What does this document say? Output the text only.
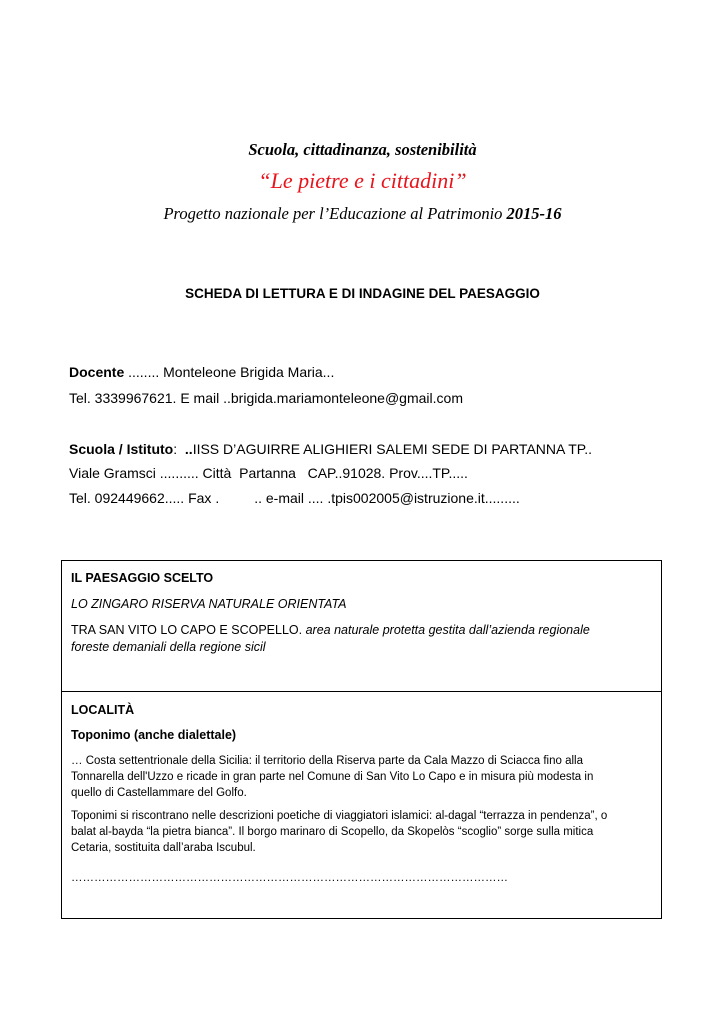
Scuola, cittadinanza, sostenibilità
“Le pietre e i cittadini”
Progetto nazionale per l’Educazione al Patrimonio 2015-16
SCHEDA DI LETTURA E DI INDAGINE DEL PAESAGGIO
Docente ........ Monteleone Brigida Maria...
Tel. 3339967621. E mail ..brigida.mariamonteleone@gmail.com
Scuola / Istituto:  ..IISS D’AGUIRRE ALIGHIERI SALEMI SEDE DI PARTANNA TP..
Viale Gramsci .......... Città  Partanna   CAP..91028. Prov....TP.....
Tel. 092449662..... Fax .         .. e-mail .... .tpis002005@istruzione.it.........
IL PAESAGGIO SCELTO
LO ZINGARO RISERVA NATURALE ORIENTATA
TRA SAN VITO LO CAPO E SCOPELLO. area naturale protetta gestita dall’azienda regionale
foreste demaniali della regione sicil
LOCALITÀ
Toponimo (anche dialettale)
… Costa settentrionale della Sicilia: il territorio della Riserva parte da Cala Mazzo di Sciacca fino alla
Tonnarella dell'Uzzo e ricade in gran parte nel Comune di San Vito Lo Capo e in misura più modesta in
quello di Castellammare del Golfo.
Toponimi si riscontrano nelle descrizioni poetiche di viaggiatori islamici: al-dagal “terrazza in pendenza”, o
balat al-bayda “la pietra bianca”. Il borgo marinaro di Scopello, da Skopelòs “scoglio” sorge sulla mitica
Cetaria, sostituita dall’araba Iscubul.
……………………………………………………………………………………………………
